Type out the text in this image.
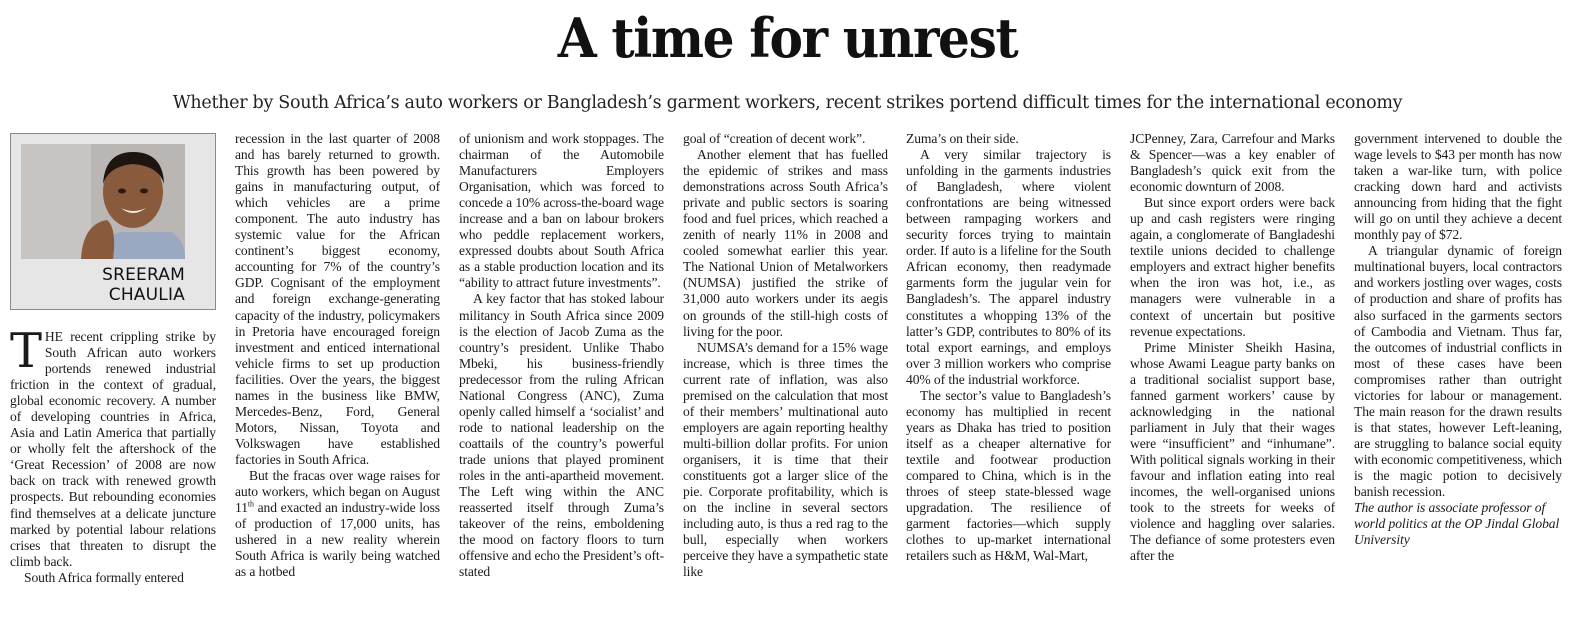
A time for unrest
Whether by South Africa’s auto workers or Bangladesh’s garment workers, recent strikes portend difficult times for the international economy
SREERAM
CHAULIA

THE recent crippling strike by South African auto workers portends renewed industrial friction in the context of gradual, global economic recovery. A number of developing countries in Africa, Asia and Latin America that partially or wholly felt the aftershock of the ‘Great Recession’ of 2008 are now back on track with renewed growth prospects. But rebounding economies find themselves at a delicate juncture marked by potential labour relations crises that threaten to disrupt the climb back.

South Africa formally entered

recession in the last quarter of 2008 and has barely returned to growth. This growth has been powered by gains in manufacturing output, of which vehicles are a prime component. The auto industry has systemic value for the African continent’s biggest economy, accounting for 7% of the country’s GDP. Cognisant of the employment and foreign exchange-generating capacity of the industry, policymakers in Pretoria have encouraged foreign investment and enticed international vehicle firms to set up production facilities. Over the years, the biggest names in the business like BMW, Mercedes-Benz, Ford, General Motors, Nissan, Toyota and Volkswagen have established factories in South Africa.

But the fracas over wage raises for auto workers, which began on August 11th and exacted an industry-wide loss of production of 17,000 units, has ushered in a new reality wherein South Africa is warily being watched as a hotbed

of unionism and work stoppages. The chairman of the Automobile Manufacturers Employers Organisation, which was forced to concede a 10% across-the-board wage increase and a ban on labour brokers who peddle replacement workers, expressed doubts about South Africa as a stable production location and its “ability to attract future investments”.

A key factor that has stoked labour militancy in South Africa since 2009 is the election of Jacob Zuma as the country’s president. Unlike Thabo Mbeki, his business-friendly predecessor from the ruling African National Congress (ANC), Zuma openly called himself a ‘socialist’ and rode to national leadership on the coattails of the country’s powerful trade unions that played prominent roles in the anti-apartheid movement. The Left wing within the ANC reasserted itself through Zuma’s takeover of the reins, emboldening the mood on factory floors to turn offensive and echo the President’s oft-stated

goal of “creation of decent work”.

Another element that has fuelled the epidemic of strikes and mass demonstrations across South Africa’s private and public sectors is soaring food and fuel prices, which reached a zenith of nearly 11% in 2008 and cooled somewhat earlier this year. The National Union of Metalworkers (NUMSA) justified the strike of 31,000 auto workers under its aegis on grounds of the still-high costs of living for the poor.

NUMSA’s demand for a 15% wage increase, which is three times the current rate of inflation, was also premised on the calculation that most of their members’ multinational auto employers are again reporting healthy multi-billion dollar profits. For union organisers, it is time that their constituents got a larger slice of the pie. Corporate profitability, which is on the incline in several sectors including auto, is thus a red rag to the bull, especially when workers perceive they have a sympathetic state like

Zuma’s on their side.

A very similar trajectory is unfolding in the garments industries of Bangladesh, where violent confrontations are being witnessed between rampaging workers and security forces trying to maintain order. If auto is a lifeline for the South African economy, then readymade garments form the jugular vein for Bangladesh’s. The apparel industry constitutes a whopping 13% of the latter’s GDP, contributes to 80% of its total export earnings, and employs over 3 million workers who comprise 40% of the industrial workforce.

The sector’s value to Bangladesh’s economy has multiplied in recent years as Dhaka has tried to position itself as a cheaper alternative for textile and footwear production compared to China, which is in the throes of steep state-blessed wage upgradation. The resilience of garment factories—which supply clothes to up-market international retailers such as H&M, Wal-Mart,

JCPenney, Zara, Carrefour and Marks & Spencer—was a key enabler of Bangladesh’s quick exit from the economic downturn of 2008.

But since export orders were back up and cash registers were ringing again, a conglomerate of Bangladeshi textile unions decided to challenge employers and extract higher benefits when the iron was hot, i.e., as managers were vulnerable in a context of uncertain but positive revenue expectations.

Prime Minister Sheikh Hasina, whose Awami League party banks on a traditional socialist support base, fanned garment workers’ cause by acknowledging in the national parliament in July that their wages were “insufficient” and “inhumane”. With political signals working in their favour and inflation eating into real incomes, the well-organised unions took to the streets for weeks of violence and haggling over salaries. The defiance of some protesters even after the

government intervened to double the wage levels to $43 per month has now taken a war-like turn, with police cracking down hard and activists announcing from hiding that the fight will go on until they achieve a decent monthly pay of $72.

A triangular dynamic of foreign multinational buyers, local contractors and workers jostling over wages, costs of production and share of profits has also surfaced in the garments sectors of Cambodia and Vietnam. Thus far, the outcomes of industrial conflicts in most of these cases have been compromises rather than outright victories for labour or management. The main reason for the drawn results is that states, however Left-leaning, are struggling to balance social equity with economic competitiveness, which is the magic potion to decisively banish recession.

The author is associate professor of world politics at the OP Jindal Global University
